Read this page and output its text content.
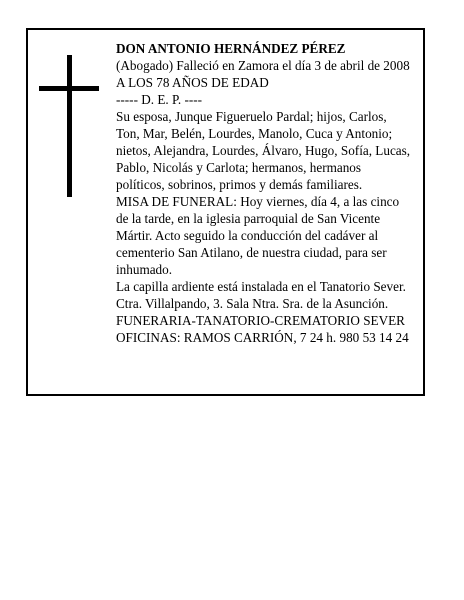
DON ANTONIO HERNÁNDEZ PÉREZ
(Abogado) Falleció en Zamora el día 3 de abril de 2008
A LOS 78 AÑOS DE EDAD
----- D. E. P. ----
Su esposa, Junque Figueruelo Pardal; hijos, Carlos,
Ton, Mar, Belén, Lourdes, Manolo, Cuca y Antonio;
nietos, Alejandra, Lourdes, Álvaro, Hugo, Sofía, Lucas,
Pablo, Nicolás y Carlota; hermanos, hermanos
políticos, sobrinos, primos y demás familiares.
MISA DE FUNERAL: Hoy viernes, día 4, a las cinco
de la tarde, en la iglesia parroquial de San Vicente
Mártir. Acto seguido la conducción del cadáver al
cementerio San Atilano, de nuestra ciudad, para ser
inhumado.
La capilla ardiente está instalada en el Tanatorio Sever.
Ctra. Villalpando, 3. Sala Ntra. Sra. de la Asunción.
FUNERARIA-TANATORIO-CREMATORIO SEVER
OFICINAS: RAMOS CARRIÓN, 7 24 h. 980 53 14 24
